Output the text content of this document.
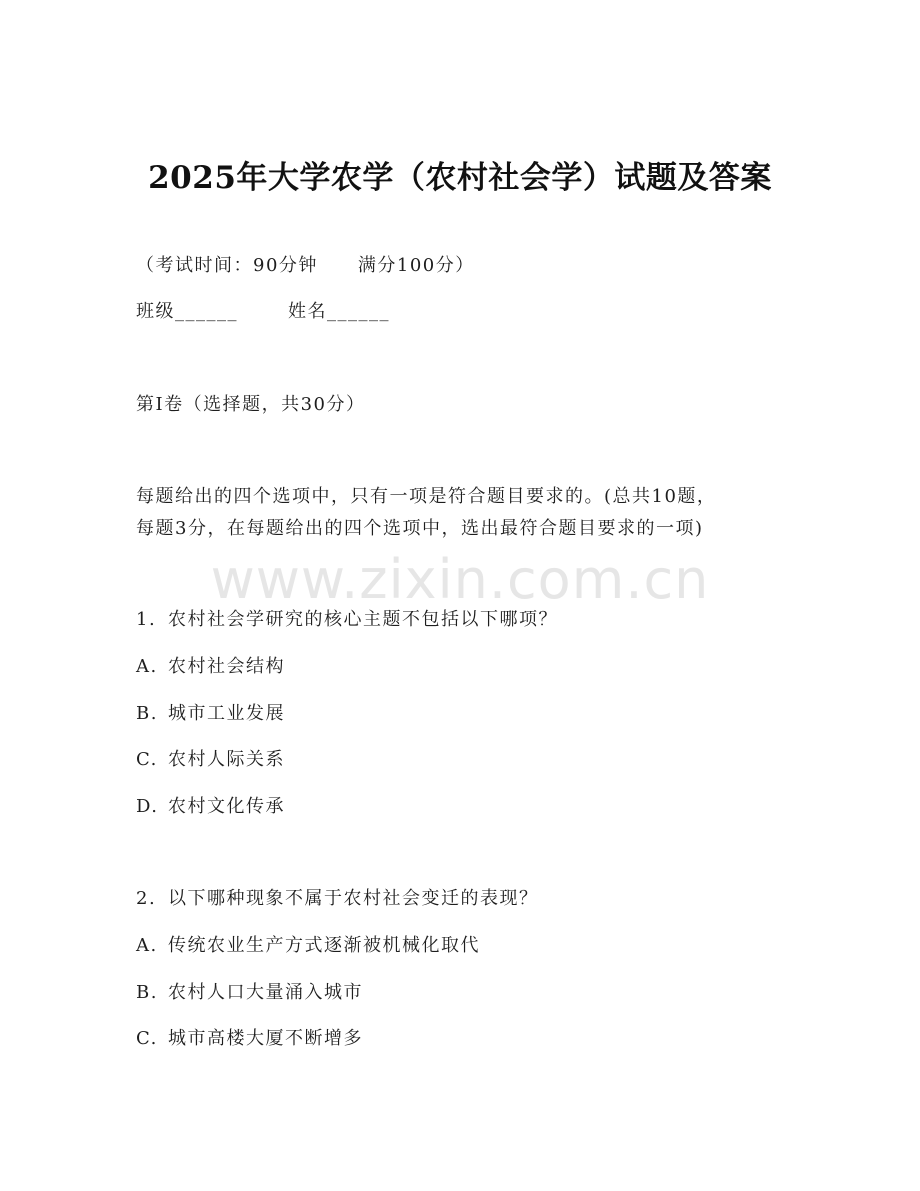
2025年大学农学（农村社会学）试题及答案
（考试时间：90分钟 满分100分）
班级______	姓名______
第Ⅰ卷（选择题，共30分）
每题给出的四个选项中，只有一项是符合题目要求的。(总共10题，
每题3分，在每题给出的四个选项中，选出最符合题目要求的一项)
www.zixin.com.cn
1. 农村社会学研究的核心主题不包括以下哪项？
A. 农村社会结构
B. 城市工业发展
C. 农村人际关系
D. 农村文化传承
2. 以下哪种现象不属于农村社会变迁的表现？
A. 传统农业生产方式逐渐被机械化取代
B. 农村人口大量涌入城市
C. 城市高楼大厦不断增多
